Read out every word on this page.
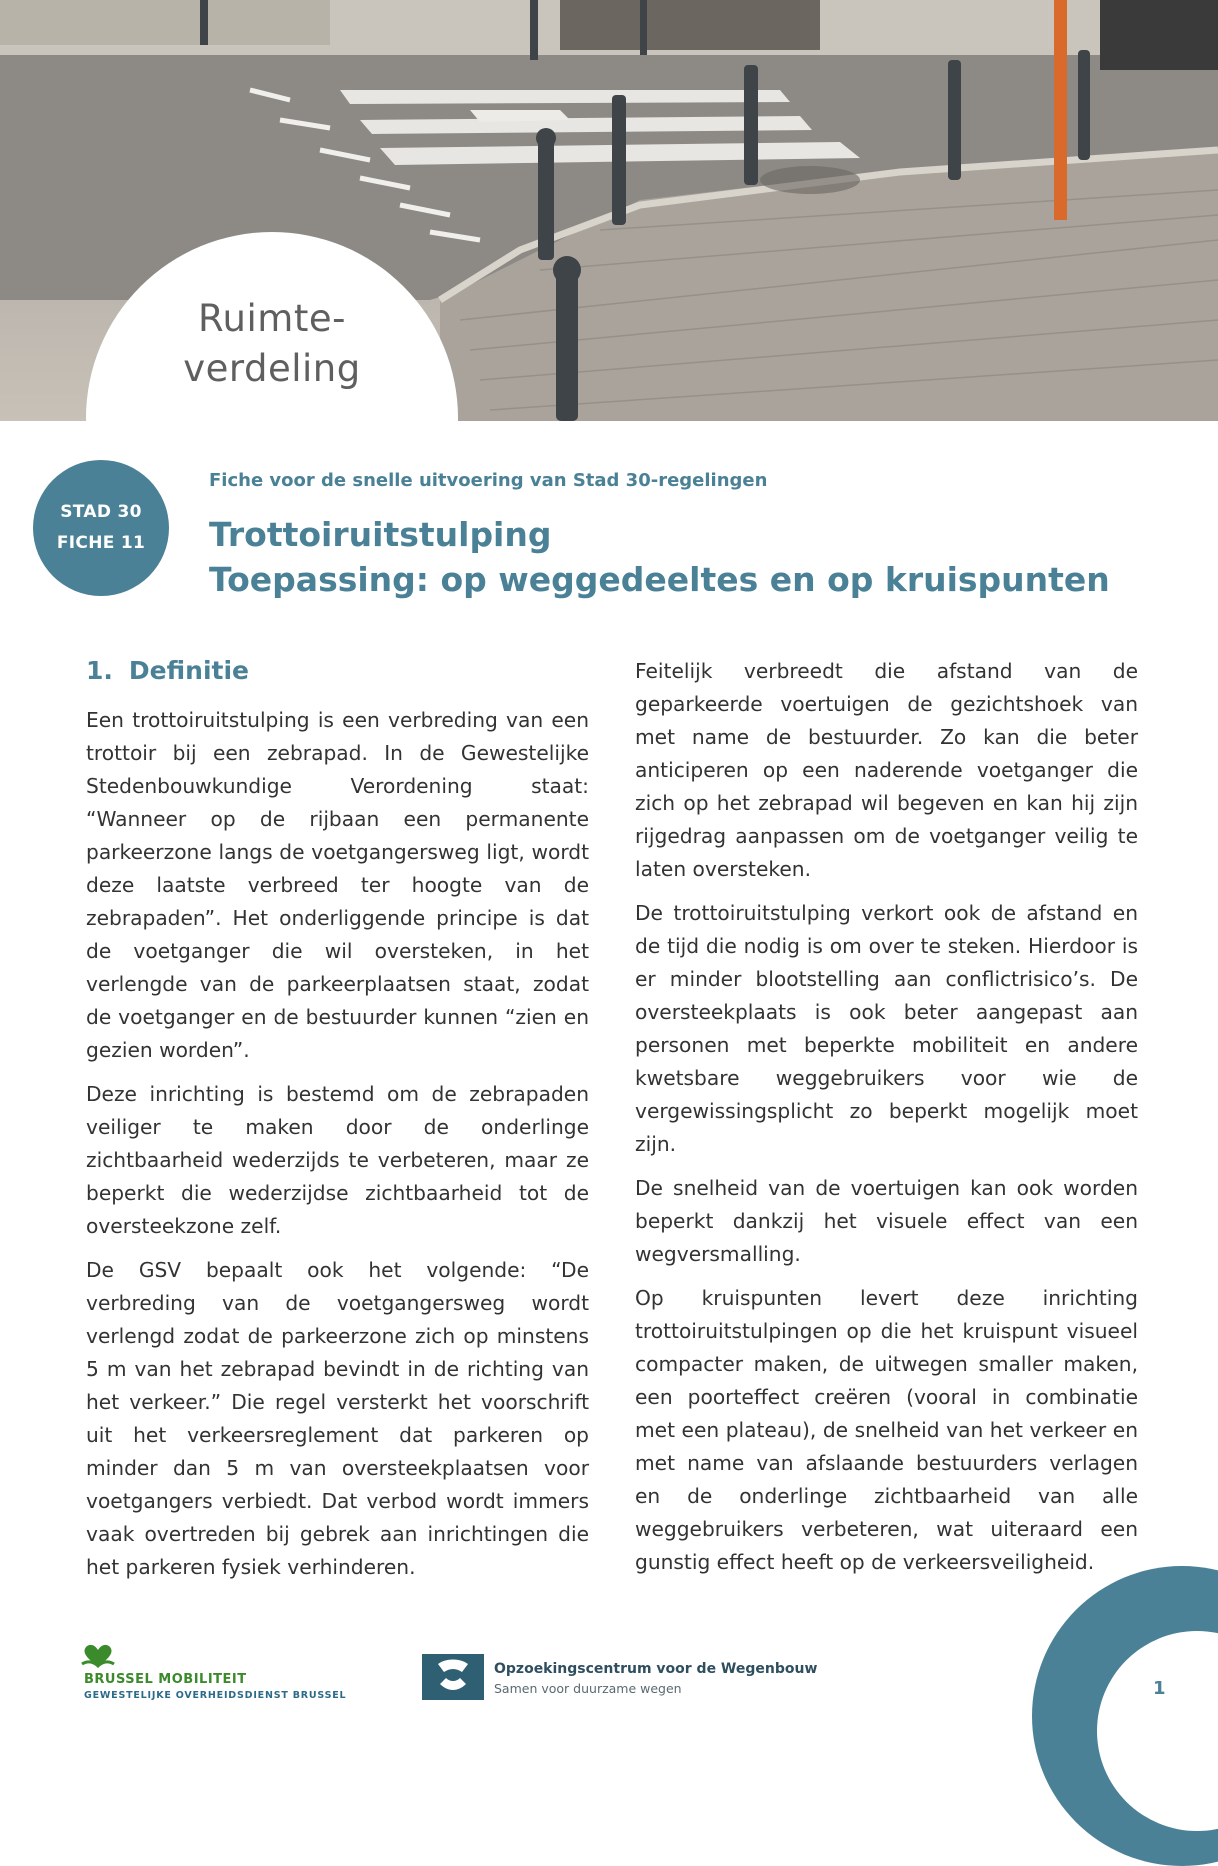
Ruimte-
verdeling
STAD 30
FICHE 11
Fiche voor de snelle uitvoering van Stad 30-regelingen
Trottoiruitstulping
Toepassing: op weggedeeltes en op kruispunten
1. Definitie

Een trottoiruitstulping is een verbreding van een trottoir bij een zebrapad. In de Gewestelijke Stedenbouwkundige Verordening staat: “Wanneer op de rijbaan een permanente parkeerzone langs de voetgangersweg ligt, wordt deze laatste verbreed ter hoogte van de zebrapaden”. Het onderliggende principe is dat de voetganger die wil oversteken, in het verlengde van de parkeerplaatsen staat, zodat de voetganger en de bestuurder kunnen “zien en gezien worden”.

Deze inrichting is bestemd om de zebrapaden veiliger te maken door de onderlinge zichtbaarheid wederzijds te verbeteren, maar ze beperkt die wederzijdse zichtbaarheid tot de oversteekzone zelf.

De GSV bepaalt ook het volgende: “De verbreding van de voetgangersweg wordt verlengd zodat de parkeerzone zich op minstens 5 m van het zebrapad bevindt in de richting van het verkeer.” Die regel versterkt het voorschrift uit het verkeersreglement dat parkeren op minder dan 5 m van oversteekplaatsen voor voetgangers verbiedt. Dat verbod wordt immers vaak overtreden bij gebrek aan inrichtingen die het parkeren fysiek verhinderen.

Feitelijk verbreedt die afstand van de geparkeerde voertuigen de gezichtshoek van met name de bestuurder. Zo kan die beter anticiperen op een naderende voetganger die zich op het zebrapad wil begeven en kan hij zijn rijgedrag aanpassen om de voetganger veilig te laten oversteken.

De trottoiruitstulping verkort ook de afstand en de tijd die nodig is om over te steken. Hierdoor is er minder blootstelling aan conflictrisico’s. De oversteekplaats is ook beter aangepast aan personen met beperkte mobiliteit en andere kwetsbare weggebruikers voor wie de vergewissingsplicht zo beperkt mogelijk moet zijn.

De snelheid van de voertuigen kan ook worden beperkt dankzij het visuele effect van een wegversmalling.

Op kruispunten levert deze inrichting trottoiruitstulpingen op die het kruispunt visueel compacter maken, de uitwegen smaller maken, een poorteffect creëren (vooral in combinatie met een plateau), de snelheid van het verkeer en met name van afslaande bestuurders verlagen en de onderlinge zichtbaarheid van alle weggebruikers verbeteren, wat uiteraard een gunstig effect heeft op de verkeersveiligheid.

BRUSSEL MOBILITEIT
GEWESTELIJKE OVERHEIDSDIENST BRUSSEL
Opzoekingscentrum voor de Wegenbouw
Samen voor duurzame wegen	1
